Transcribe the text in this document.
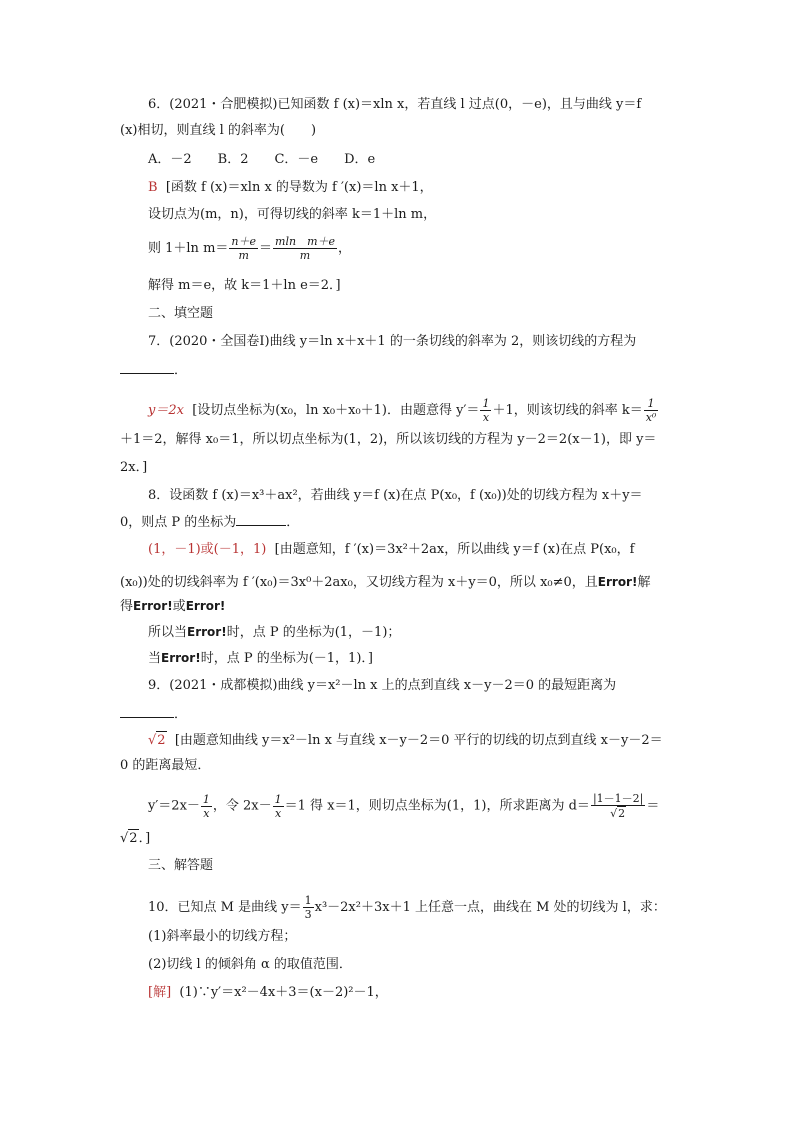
6．(2021・合肥模拟)已知函数 f (x)＝xln x，若直线 l 过点(0，－e)，且与曲线 y＝f
(x)相切，则直线 l 的斜率为(　　)
A．－2　　B．2　　C．－e　　D．e
B [函数 f (x)＝xln x 的导数为 f ′(x)＝ln x＋1，
设切点为(m，n)，可得切线的斜率 k＝1＋ln m，
则 1＋ln $m= \frac{n+e}{m} = \frac{\text{mln　m＋e}}{m}$ ，
解得 m＝e，故 k＝1＋ln e＝2．]
二、填空题
7．(2020・全国卷Ⅰ)曲线 y＝ln x＋x＋1 的一条切线的斜率为 2，则该切线的方程为
．
y＝2x [设切点坐标为(x₀，ln x₀＋x₀＋1)．由题意得 $y'= \frac{1}{x} +1$，则该切线的斜率 $k= \frac{1}{\text{x⁰}}$
＋1＝2，解得 x₀＝1，所以切点坐标为(1，2)，所以该切线的方程为 y－2＝2(x－1)，即 y＝
2x．]
8．设函数 f (x)＝x³＋ax²，若曲线 y＝f (x)在点 P(x₀，f (x₀))处的切线方程为 x＋y＝
0，则点 P 的坐标为	．
(1，－1)或(－1，1) [由题意知，f ′(x)＝3x²＋2ax，所以曲线 y＝f (x)在点 P(x₀，f
(x₀))处的切线斜率为 f ′(x₀)＝3x⁰＋2ax₀，又切线方程为 x＋y＝0，所以 x₀≠0，且Error!解
得Error!或Error!
所以当Error!时，点 P 的坐标为(1，－1)；
当Error!时，点 P 的坐标为(－1，1)．]
9．(2021・成都模拟)曲线 y＝x²－ln x 上的点到直线 x－y－2＝0 的最短距离为
．
√2 [由题意知曲线 y＝x²－ln x 与直线 x－y－2＝0 平行的切线的切点到直线 x－y－2＝
0 的距离最短．
$y'=2x- \frac{1}{x}$ ，令 $2x- \frac{1}{x} =1$ 得 x＝1，则切点坐标为(1，1)，所求距离为 $d= \frac{|1-1-2|}{√2}$ ＝
√2．]
三、解答题
10．已知点 M 是曲线 $y= \frac{1}{3} x^3-2x^2+3x+1$ 上任意一点，曲线在 M 处的切线为 l，求：
(1)斜率最小的切线方程；
(2)切线 l 的倾斜角 α 的取值范围．
[解] (1)∵y′＝x²－4x＋3＝(x－2)²－1，
